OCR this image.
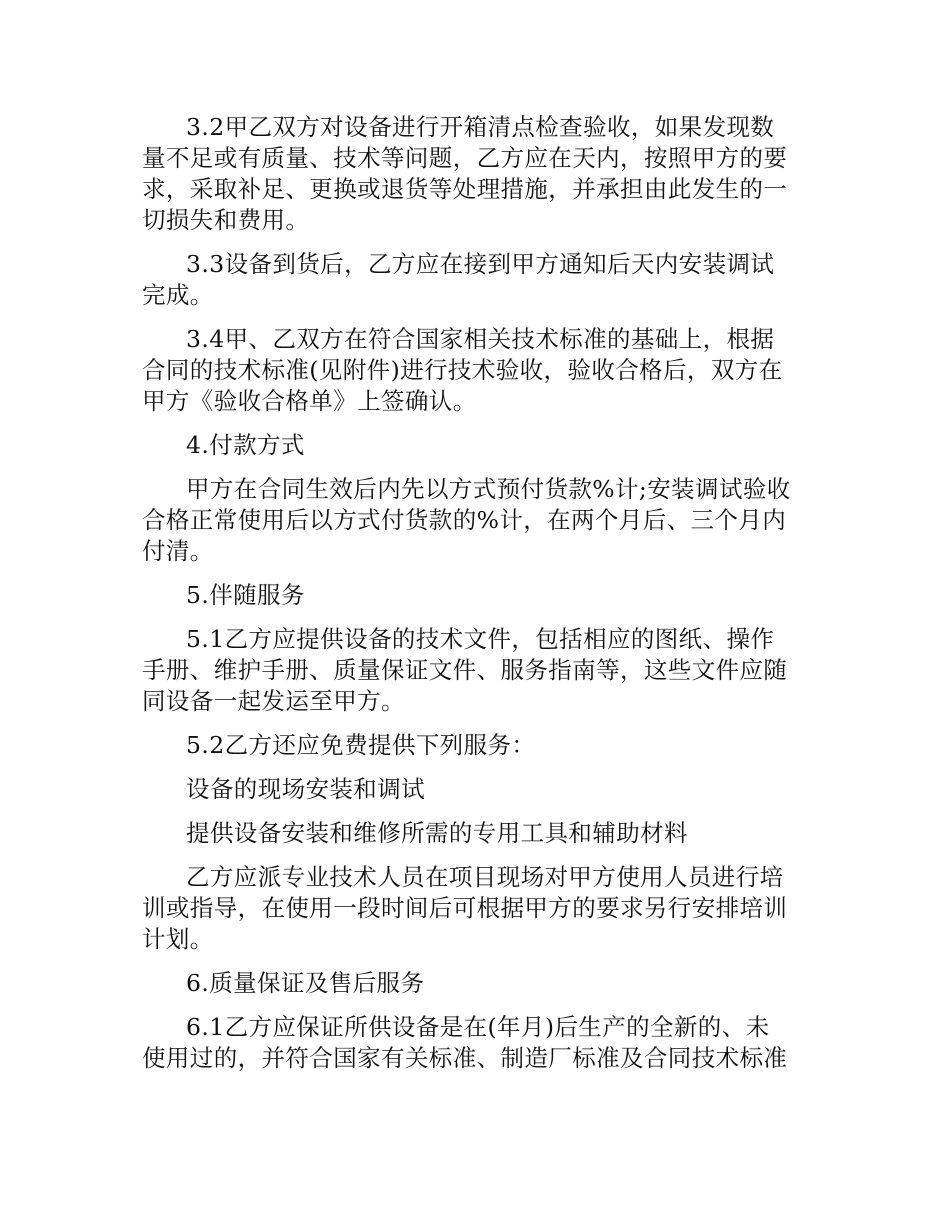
3.2甲乙双方对设备进行开箱清点检查验收，如果发现数
量不足或有质量、技术等问题，乙方应在天内，按照甲方的要
求，采取补足、更换或退货等处理措施，并承担由此发生的一
切损失和费用。

3.3设备到货后，乙方应在接到甲方通知后天内安装调试
完成。

3.4甲、乙双方在符合国家相关技术标准的基础上，根据
合同的技术标准(见附件)进行技术验收，验收合格后，双方在
甲方《验收合格单》上签确认。

4.付款方式

甲方在合同生效后内先以方式预付货款%计;安装调试验收
合格正常使用后以方式付货款的%计，在两个月后、三个月内
付清。

5.伴随服务

5.1乙方应提供设备的技术文件，包括相应的图纸、操作
手册、维护手册、质量保证文件、服务指南等，这些文件应随
同设备一起发运至甲方。

5.2乙方还应免费提供下列服务：

设备的现场安装和调试

提供设备安装和维修所需的专用工具和辅助材料

乙方应派专业技术人员在项目现场对甲方使用人员进行培
训或指导，在使用一段时间后可根据甲方的要求另行安排培训
计划。

6.质量保证及售后服务

6.1乙方应保证所供设备是在(年月)后生产的全新的、未
使用过的，并符合国家有关标准、制造厂标准及合同技术标准
